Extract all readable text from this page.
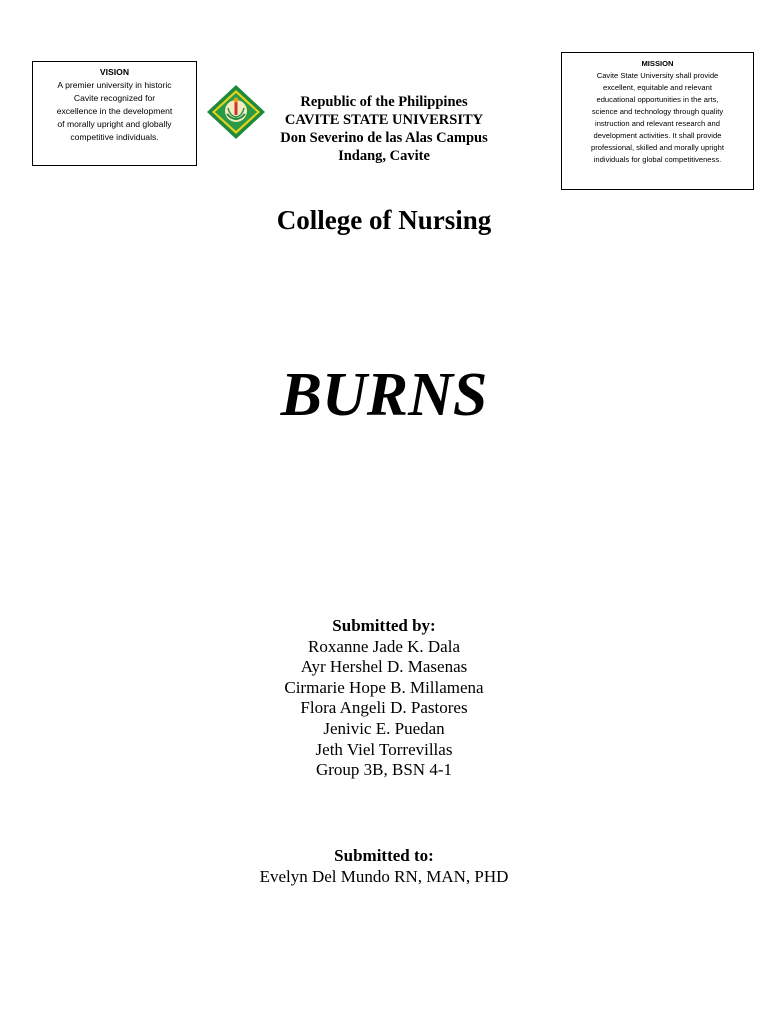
VISION
A premier university in historic
Cavite recognized for
excellence in the development
of morally upright and globally
competitive individuals.
Republic of the Philippines
CAVITE STATE UNIVERSITY
Don Severino de las Alas Campus
Indang, Cavite
MISSION
Cavite State University shall provide
excellent, equitable and relevant
educational opportunities in the arts,
science and technology through quality
instruction and relevant research and
development activities. It shall provide
professional, skilled and morally upright
individuals for global competitiveness.
College of Nursing
BURNS
Submitted by:
Roxanne Jade K. Dala
Ayr Hershel D. Masenas
Cirmarie Hope B. Millamena
Flora Angeli D. Pastores
Jenivic E. Puedan
Jeth Viel Torrevillas
Group 3B, BSN 4-1
Submitted to:
Evelyn Del Mundo RN, MAN, PHD
